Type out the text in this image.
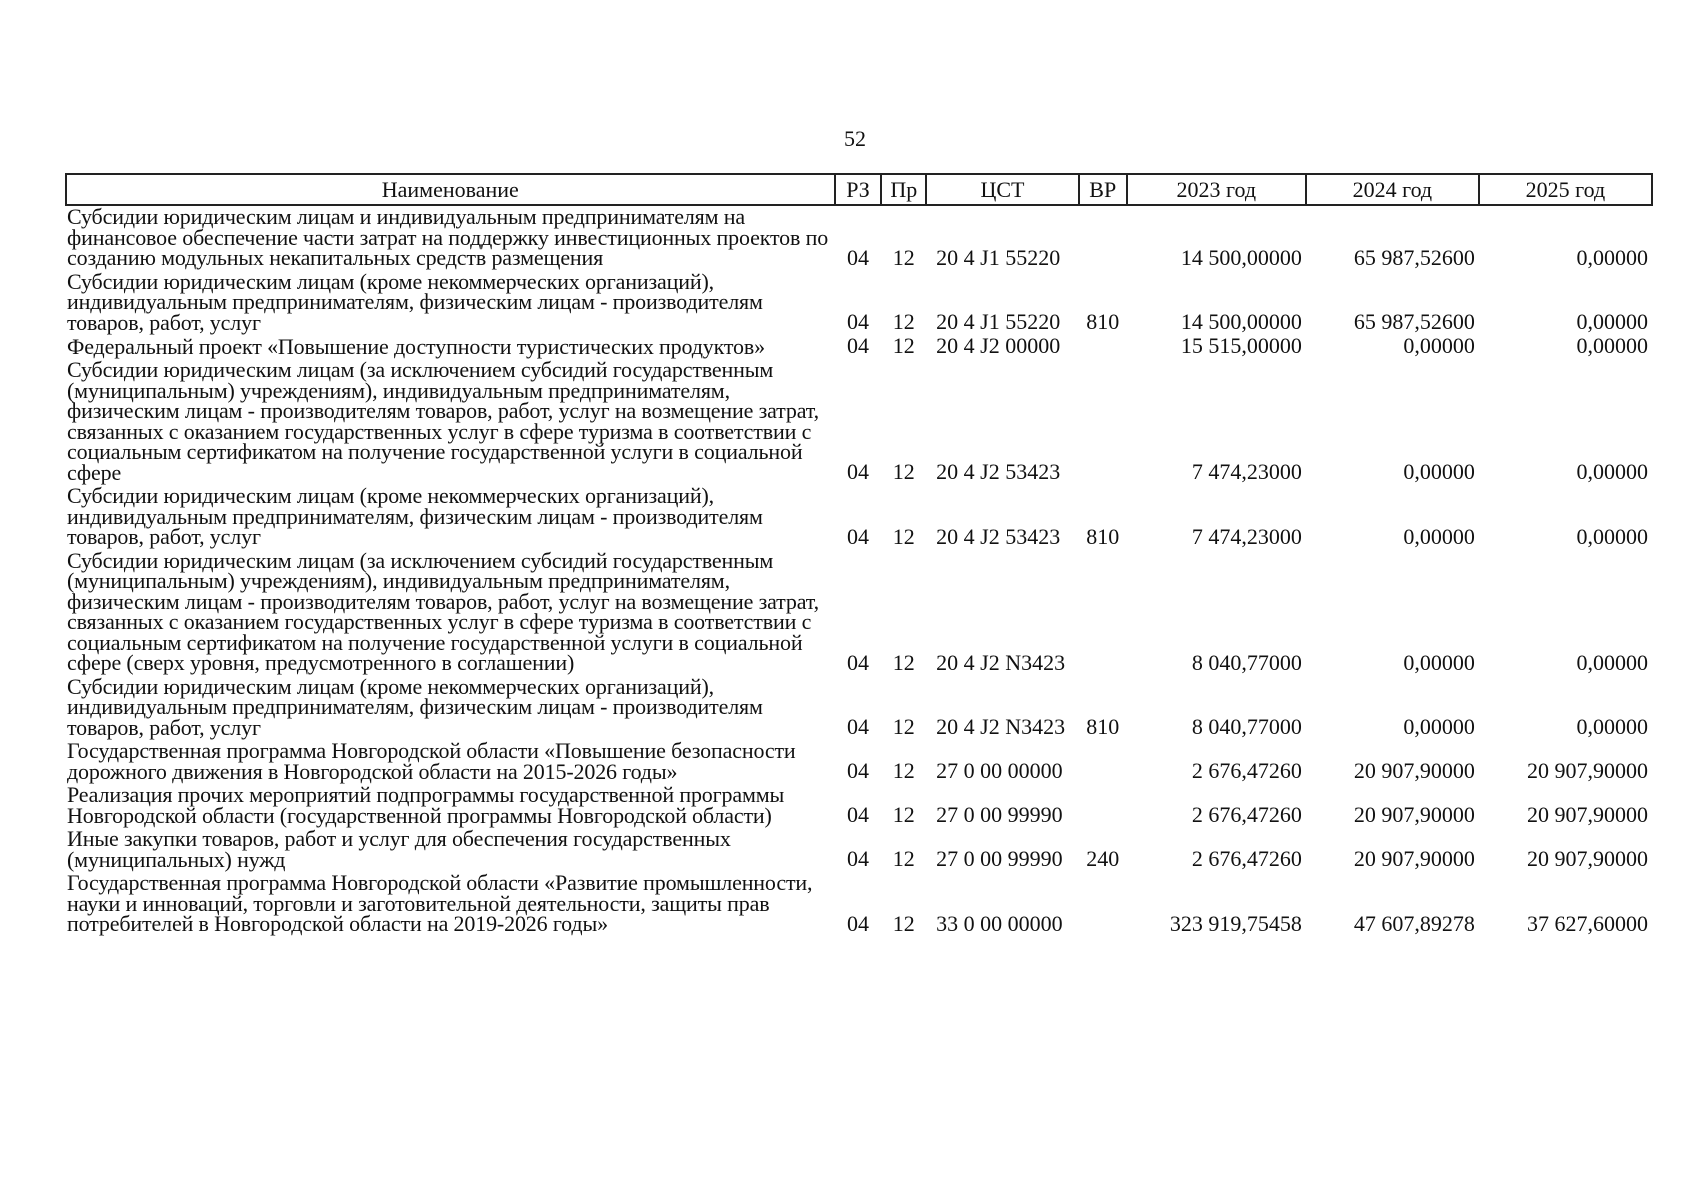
52
Наименование	РЗ	Пр	ЦСТ	ВР	2023 год	2024 год	2025 год
Субсидии юридическим лицам и индивидуальным предпринимателям на финансовое обеспечение части затрат на поддержку инвестиционных проектов по созданию модульных некапитальных средств размещения	04	12	20 4 J1 55220		14 500,00000	65 987,52600	0,00000
Субсидии юридическим лицам (кроме некоммерческих организаций), индивидуальным предпринимателям, физическим лицам - производителям товаров, работ, услуг	04	12	20 4 J1 55220	810	14 500,00000	65 987,52600	0,00000
Федеральный проект «Повышение доступности туристических продуктов»	04	12	20 4 J2 00000		15 515,00000	0,00000	0,00000
Субсидии юридическим лицам (за исключением субсидий государственным (муниципальным) учреждениям), индивидуальным предпринимателям, физическим лицам - производителям товаров, работ, услуг на возмещение затрат, связанных с оказанием государственных услуг в сфере туризма в соответствии с социальным сертификатом на получение государственной услуги в социальной сфере	04	12	20 4 J2 53423		7 474,23000	0,00000	0,00000
Субсидии юридическим лицам (кроме некоммерческих организаций), индивидуальным предпринимателям, физическим лицам - производителям товаров, работ, услуг	04	12	20 4 J2 53423	810	7 474,23000	0,00000	0,00000
Субсидии юридическим лицам (за исключением субсидий государственным (муниципальным) учреждениям), индивидуальным предпринимателям, физическим лицам - производителям товаров, работ, услуг на возмещение затрат, связанных с оказанием государственных услуг в сфере туризма в соответствии с социальным сертификатом на получение государственной услуги в социальной сфере (сверх уровня, предусмотренного в соглашении)	04	12	20 4 J2 N3423		8 040,77000	0,00000	0,00000
Субсидии юридическим лицам (кроме некоммерческих организаций), индивидуальным предпринимателям, физическим лицам - производителям товаров, работ, услуг	04	12	20 4 J2 N3423	810	8 040,77000	0,00000	0,00000
Государственная программа Новгородской области «Повышение безопасности дорожного движения в Новгородской области на 2015-2026 годы»	04	12	27 0 00 00000		2 676,47260	20 907,90000	20 907,90000
Реализация прочих мероприятий подпрограммы государственной программы Новгородской области (государственной программы Новгородской области)	04	12	27 0 00 99990		2 676,47260	20 907,90000	20 907,90000
Иные закупки товаров, работ и услуг для обеспечения государственных (муниципальных) нужд	04	12	27 0 00 99990	240	2 676,47260	20 907,90000	20 907,90000
Государственная программа Новгородской области «Развитие промышленности, науки и инноваций, торговли и заготовительной деятельности, защиты прав потребителей в Новгородской области на 2019-2026 годы»	04	12	33 0 00 00000		323 919,75458	47 607,89278	37 627,60000
